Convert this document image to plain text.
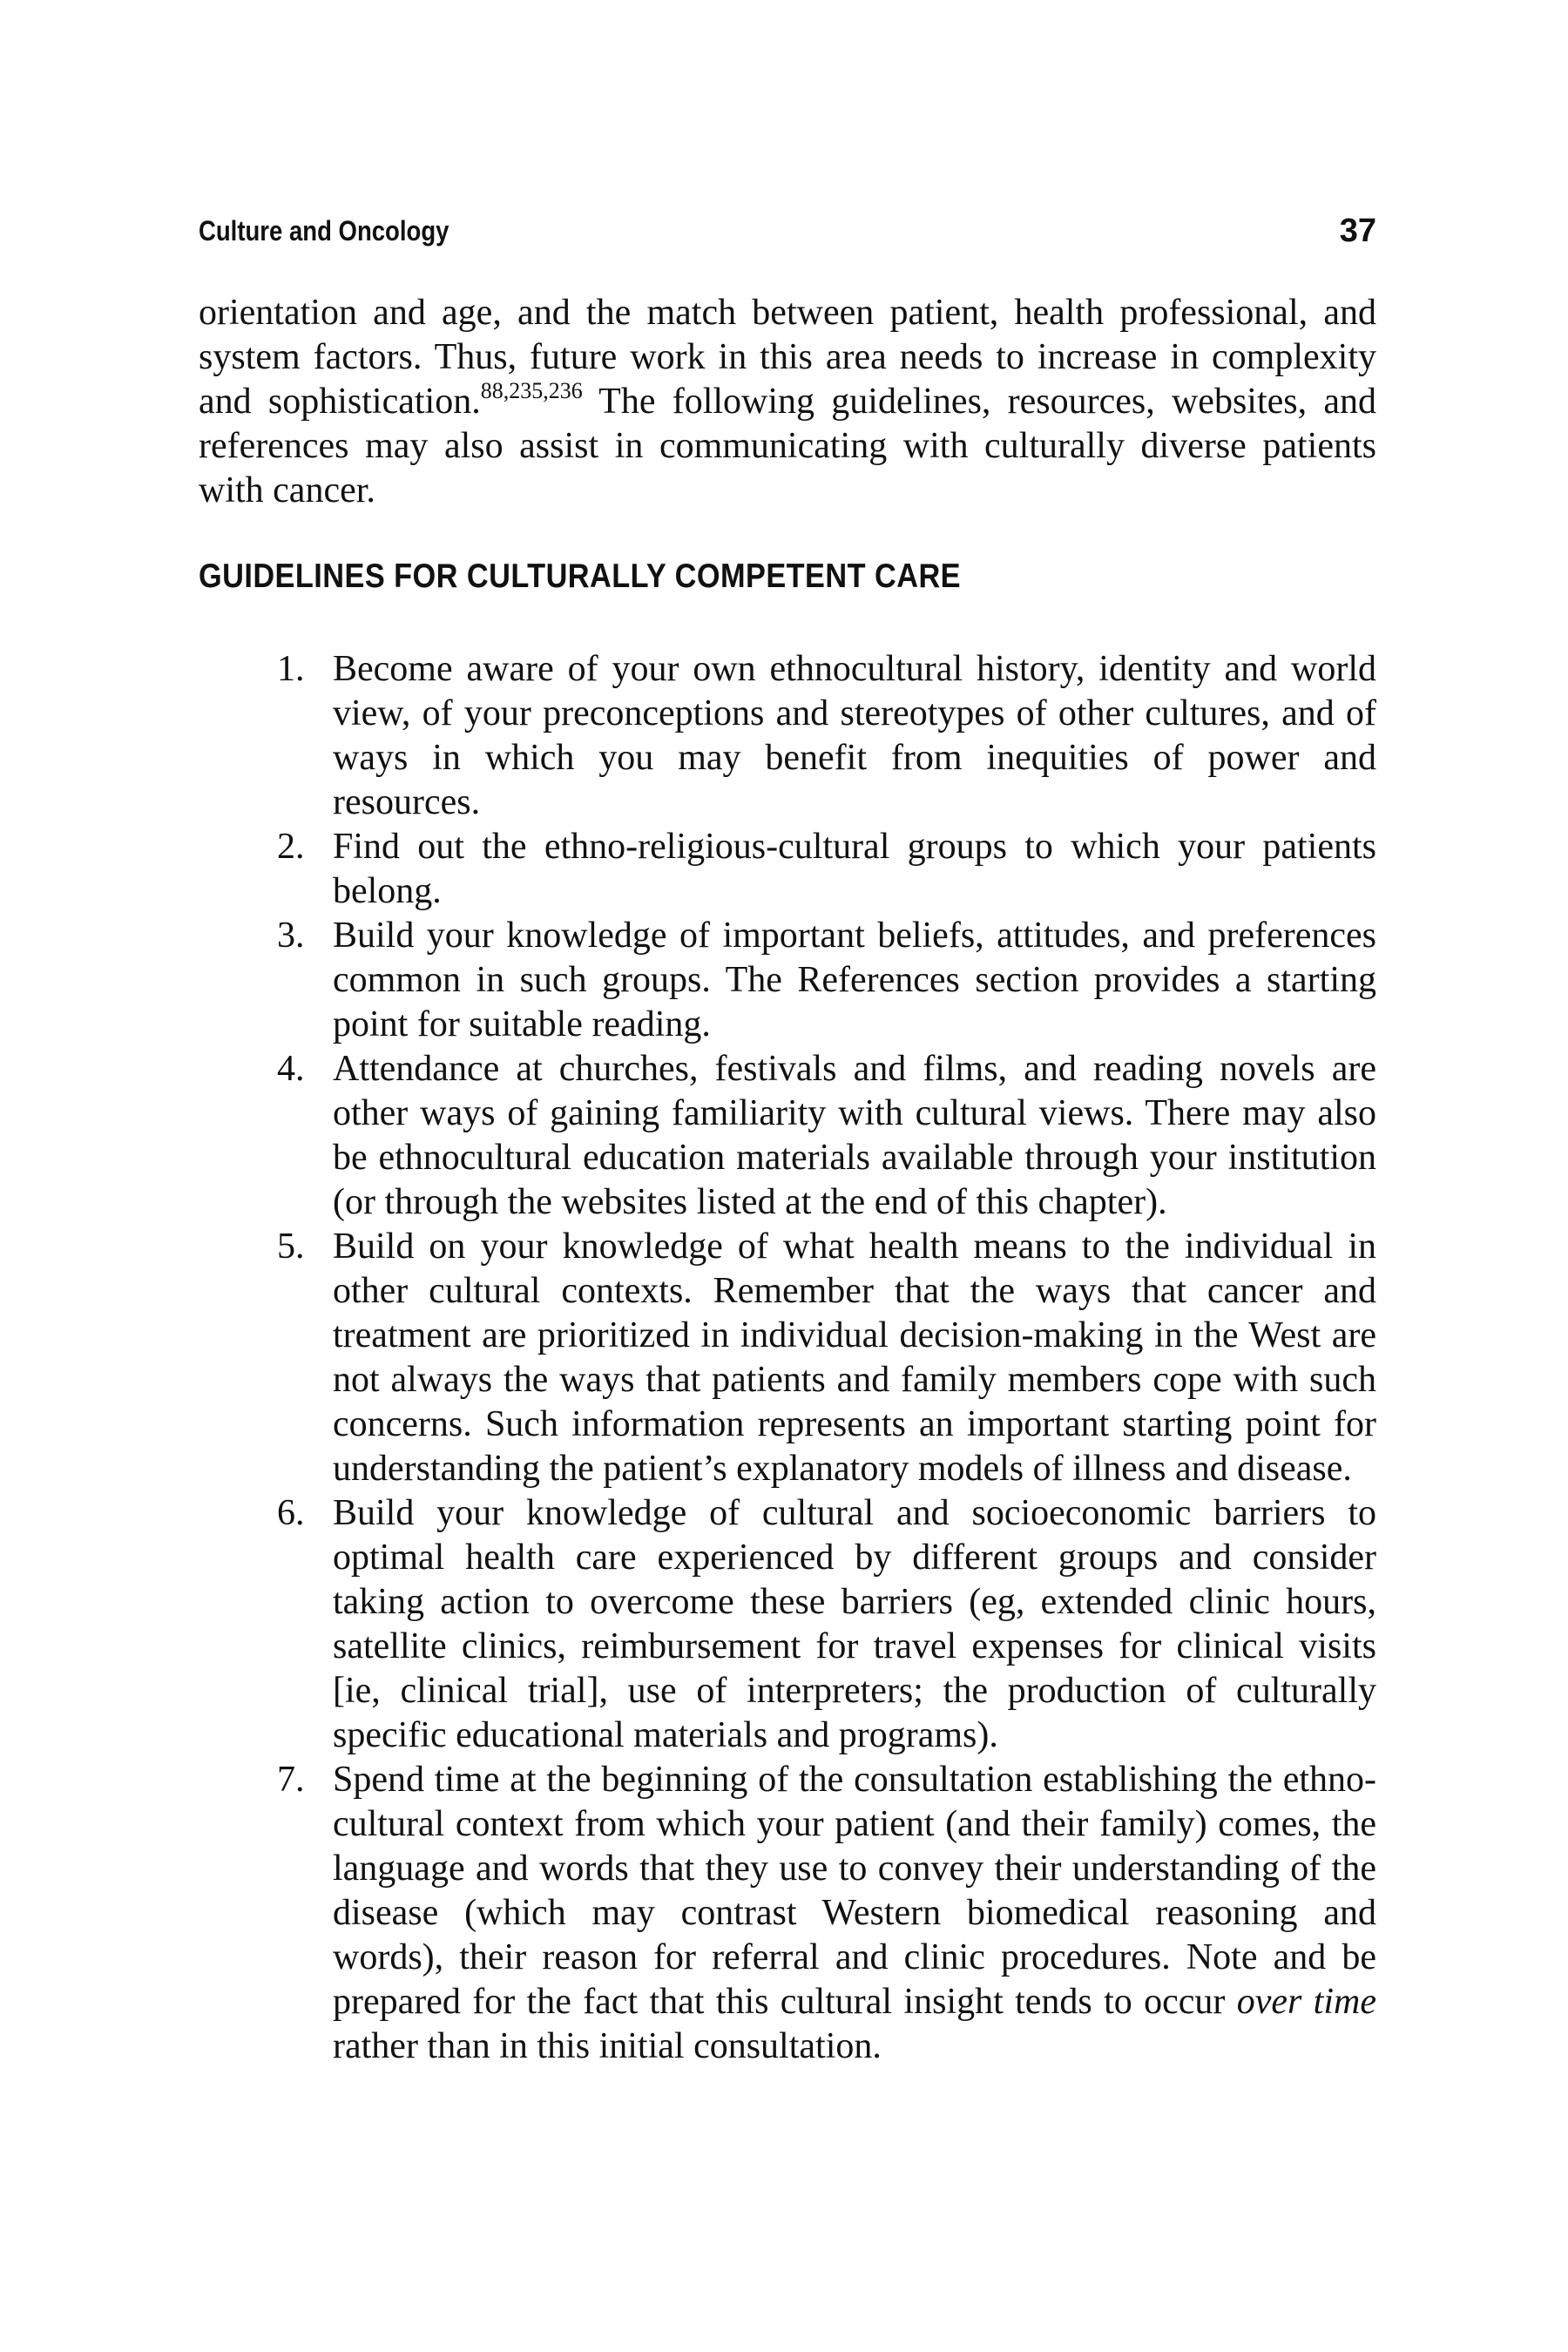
Culture and Oncology	37

orientation and age, and the match between patient, health professional, and system factors. Thus, future work in this area needs to increase in complexity and sophistication.$^{88,235,236}$ The following guidelines, resources, websites, and references may also assist in communicating with culturally diverse patients with cancer.

GUIDELINES FOR CULTURALLY COMPETENT CARE
1. Become aware of your own ethnocultural history, identity and world view, of your preconceptions and stereotypes of other cultures, and of ways in which you may benefit from inequities of power and resources.
2. Find out the ethno-religious-cultural groups to which your patients belong.
3. Build your knowledge of important beliefs, attitudes, and preferences common in such groups. The References section provides a starting point for suitable reading.
4. Attendance at churches, festivals and films, and reading novels are other ways of gaining familiarity with cultural views. There may also be ethnocultural education materials available through your institution (or through the websites listed at the end of this chapter).
5. Build on your knowledge of what health means to the individual in other cultural contexts. Remember that the ways that cancer and treatment are prioritized in individual decision-making in the West are not always the ways that patients and family members cope with such concerns. Such information represents an important starting point for understanding the patient’s explanatory models of illness and disease.
6. Build your knowledge of cultural and socioeconomic barriers to optimal health care experienced by different groups and consider taking action to overcome these barriers (eg, extended clinic hours, satellite clinics, reimbursement for travel expenses for clinical visits [ie, clinical trial], use of interpreters; the production of culturally specific educational materials and programs).
7. Spend time at the beginning of the consultation establishing the ethno-cultural context from which your patient (and their family) comes, the language and words that they use to convey their understanding of the disease (which may contrast Western biomedical reasoning and words), their reason for referral and clinic procedures. Note and be prepared for the fact that this cultural insight tends to occur over time rather than in this initial consultation.
